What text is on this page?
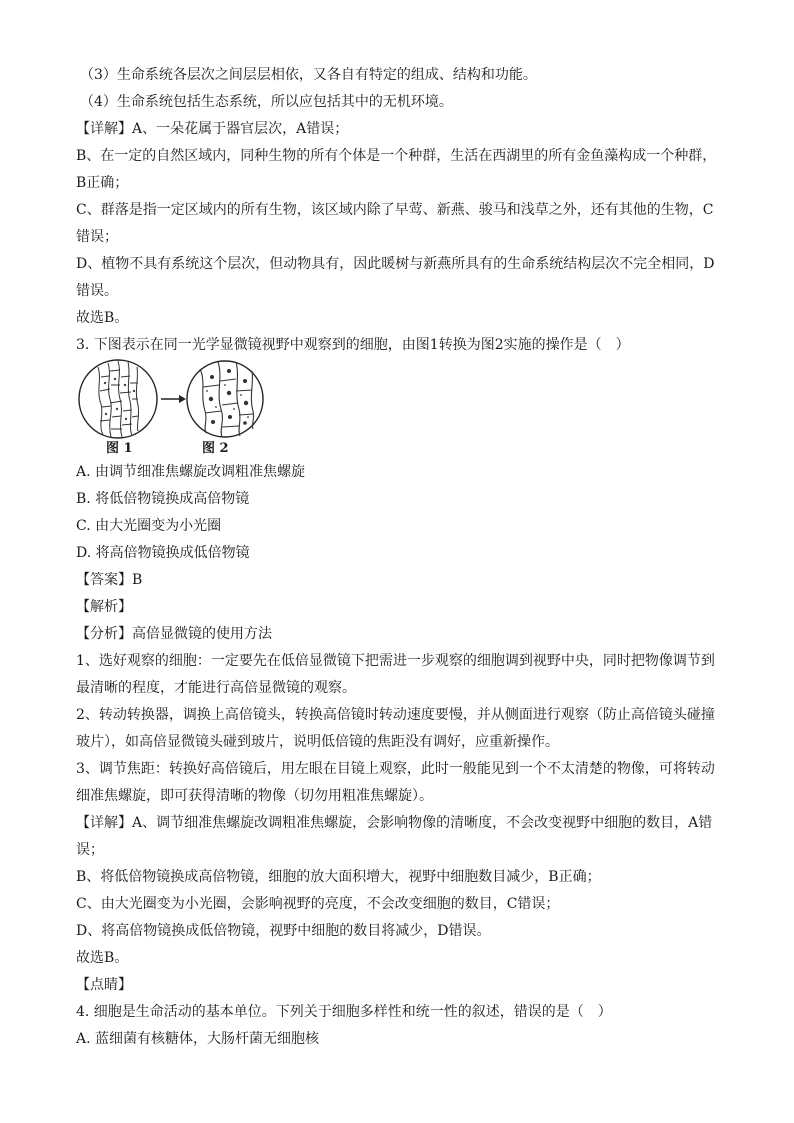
（3）生命系统各层次之间层层相依，又各自有特定的组成、结构和功能。

（4）生命系统包括生态系统，所以应包括其中的无机环境。

【详解】A、一朵花属于器官层次，A错误；

B、在一定的自然区域内，同种生物的所有个体是一个种群，生活在西湖里的所有金鱼藻构成一个种群，

B正确；

C、群落是指一定区域内的所有生物，该区域内除了早莺、新燕、骏马和浅草之外，还有其他的生物，C

错误；

D、植物不具有系统这个层次，但动物具有，因此暖树与新燕所具有的生命系统结构层次不完全相同，D

错误。

故选B。

3. 下图表示在同一光学显微镜视野中观察到的细胞，由图1转换为图2实施的操作是（　）

图 1	图 2

A. 由调节细准焦螺旋改调粗准焦螺旋

B. 将低倍物镜换成高倍物镜

C. 由大光圈变为小光圈

D. 将高倍物镜换成低倍物镜

【答案】B

【解析】

【分析】高倍显微镜的使用方法

1、选好观察的细胞：一定要先在低倍显微镜下把需进一步观察的细胞调到视野中央，同时把物像调节到

最清晰的程度，才能进行高倍显微镜的观察。

2、转动转换器，调换上高倍镜头，转换高倍镜时转动速度要慢，并从侧面进行观察（防止高倍镜头碰撞

玻片），如高倍显微镜头碰到玻片，说明低倍镜的焦距没有调好，应重新操作。

3、调节焦距：转换好高倍镜后，用左眼在目镜上观察，此时一般能见到一个不太清楚的物像，可将转动

细准焦螺旋，即可获得清晰的物像（切勿用粗准焦螺旋）。

【详解】A、调节细准焦螺旋改调粗准焦螺旋，会影响物像的清晰度，不会改变视野中细胞的数目，A错

误；

B、将低倍物镜换成高倍物镜，细胞的放大面积增大，视野中细胞数目减少，B正确；

C、由大光圈变为小光圈，会影响视野的亮度，不会改变细胞的数目，C错误；

D、将高倍物镜换成低倍物镜，视野中细胞的数目将减少，D错误。

故选B。

【点睛】

4. 细胞是生命活动的基本单位。下列关于细胞多样性和统一性的叙述，错误的是（　）

A. 蓝细菌有核糖体，大肠杆菌无细胞核
